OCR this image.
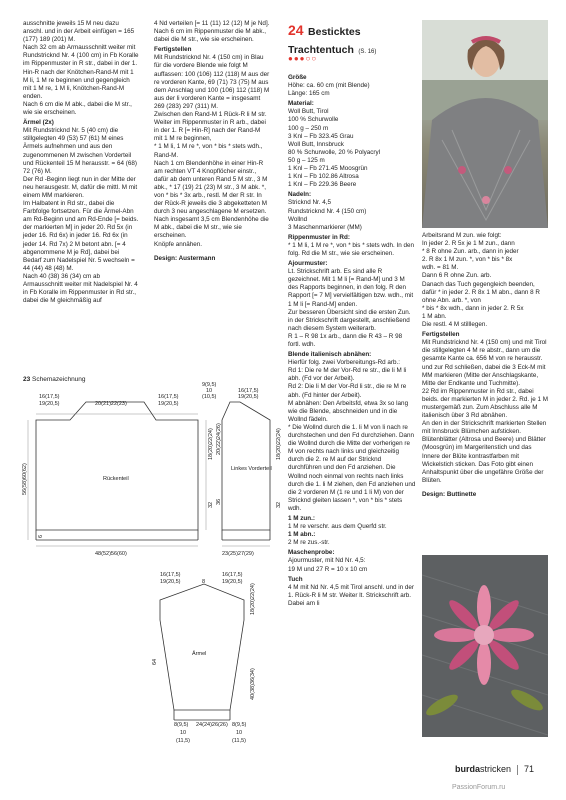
ausschnitte jeweils 15 M neu dazu anschl. und in der Arbeit einfügen = 165 (177) 189 (201) M.
Nach 32 cm ab Armausschnitt weiter mit Rundstricknd Nr. 4 (100 cm) in Fb Koralle im Rippenmuster in R str., dabei in der 1. Hin-R nach der Knötchen-Rand-M mit 1 M li, 1 M re beginnen und gegengleich mit 1 M re, 1 M li, Knötchen-Rand-M enden.
Nach 6 cm die M abk., dabei die M str., wie sie erscheinen.

Ärmel (2x)
Mit Rundstricknd Nr. 5 (40 cm) die stillgelegten 49 (53) 57 (61) M eines Ärmels aufnehmen und aus den zugenommenen M zwischen Vorderteil und Rückenteil 15 M herausstr. = 64 (68) 72 (76) M.
Der Rd -Beginn liegt nun in der Mitte der neu herausgestr. M, dafür die mittl. M mit einem MM markieren.
Im Halbatent in Rd str., dabei die Farbfolge fortsetzen. Für die Ärmel-Abn am Rd-Beginn und am Rd-Ende [= beids. der markierten M] in jeder 20. Rd 5x (in jeder 16. Rd 6x) in jeder 16. Rd 6x (in jeder 14. Rd 7x) 2 M betont abn. [= 4 abgenommene M je Rd], dabei bei Bedarf zum Nadelspiel Nr. 5 wechseln = 44 (44) 48 (48) M.
Nach 40 (38) 36 (34) cm ab Armausschnitt weiter mit Nadelspiel Nr. 4 in Fb Koralle im Rippenmuster in Rd str., dabei die M gleichmäßig auf

4 Nd verteilen [= 11 (11) 12 (12) M je Nd].
Nach 6 cm im Rippenmuster die M abk., dabei die M str., wie sie erscheinen.

Fertigstellen
Mit Rundstricknd Nr. 4 (150 cm) in Blau für die vordere Blende wie folgt M auffassen: 100 (106) 112 (118) M aus der re vorderen Kante, 69 (71) 73 (75) M aus dem Anschlag und 100 (106) 112 (118) M aus der li vorderen Kante = insgesamt 269 (283) 297 (311) M.
Zwischen den Rand-M 1 Rück-R li M str. Weiter im Rippenmuster in R arb., dabei in der 1. R [= Hin-R] nach der Rand-M mit 1 M re beginnen,
* 1 M li, 1 M re *, von * bis * stets wdh., Rand-M.
Nach 1 cm Blendenhöhe in einer Hin-R am rechten VT 4 Knopflöcher einstr., dafür ab dem unteren Rand 5 M str., 3 M abk., * 17 (19) 21 (23) M str., 3 M abk. *, von * bis * 3x arb., restl. M der R str. In der Rück-R jeweils die 3 abgeketteten M durch 3 neu angeschlagene M ersetzen.
Nach insgesamt 3,5 cm Blendenhöhe die M abk., dabei die M str., wie sie erscheinen.
Knöpfe annähen.

Design: Austermann

24 Besticktes Trachtentuch (S. 16)
●●●○○

Größe
Höhe: ca. 60 cm (mit Blende)
Länge: 165 cm

Material:
Woll Butt, Tirol
100 % Schurwolle
100 g – 250 m
3 Knl – Fb 323.45 Grau
Woll Butt, Innsbruck
80 % Schurwolle, 20 % Polyacryl
50 g – 125 m
1 Knl – Fb 271.45 Moosgrün
1 Knl – Fb 102.86 Altrosa
1 Knl – Fb 229.36 Beere

Nadeln:
Stricknd Nr. 4,5
Rundstricknd Nr. 4 (150 cm)
Wollnd
3 Maschenmarkierer (MM)

Rippenmuster in Rd:
* 1 M li, 1 M re *, von * bis * stets wdh. In den folg. Rd die M str., wie sie erscheinen.

Ajourmuster:
Lt. Strickschrift arb. Es sind alle R gezeichnet. Mit 1 M li [= Rand-M] und 3 M des Rapports beginnen, in den folg. R den Rapport [= 7 M] vervielfältigen bzw. wdh., mit 1 M li [= Rand-M] enden.
Zur besseren Übersicht sind die ersten Zun. in der Strickschrift dargestellt, anschließend nach diesem System weiterarb.
R 1 – R 98 1x arb., dann die R 43 – R 98 fortl. wdh.

Blende italienisch abnähen:
Hierfür folg. zwei Vorbereitungs-Rd arb.:

Rd 1: Die re M der Vor-Rd re str., die li M li abh. (Fd vor der Arbeit).
Rd 2: Die li M der Vor-Rd li str., die re M re abh. (Fd hinter der Arbeit).
M abnähen: Den Arbeitsfd, etwa 3x so lang wie die Blende, abschneiden und in die Wollnd fädeln.
* Die Wollnd durch die 1. li M von li nach re durchstechen und den Fd durchziehen. Dann die Wollnd durch die Mitte der vorherigen re M von rechts nach links und gleichzeitig durch die 2. re M auf der Stricknd durchführen und den Fd anziehen. Die Wollnd noch einmal von rechts nach links durch die 1. li M ziehen, den Fd anziehen und die 2 vorderen M (1 re und 1 li M) von der Stricknd gleiten lassen *, von * bis * stets wdh.

1 M zun.:
1 M re verschr. aus dem Querfd str.

1 M abn.:
2 M re zus.-str.

Maschenprobe:
Ajourmuster, mit Nd Nr. 4,5:
19 M und 27 R = 10 x 10 cm

Tuch
4 M mit Nd Nr. 4,5 mit Tirol anschl. und in der 1. Rück-R li M str. Weiter lt. Strickschrift arb. Dabei am li

Arbeitsrand M zun. wie folgt:
In jeder 2. R 5x je 1 M zun., dann
* 8 R ohne Zun. arb., dann in jeder
2. R 8x 1 M zun. *, von * bis * 8x
wdh. = 81 M.
Dann 6 R ohne Zun. arb.
Danach das Tuch gegengleich beenden, dafür * in jeder 2. R 8x 1 M abn., dann 8 R ohne Abn. arb. *, von
* bis * 8x wdh., dann in jeder 2. R 5x
1 M abn.
Die restl. 4 M stilllegen.

Fertigstellen
Mit Rundstricknd Nr. 4 (150 cm) und mit Tirol die stillgelegten 4 M re abstr., dann um die gesamte Kante ca. 656 M von re herausstr. und zur Rd schließen, dabei die 3 Eck-M mit MM markieren (Mitte der Anschlagskante, Mitte der Endkante und Tuchmitte).
22 Rd im Rippenmuster in Rd str., dabei beids. der markierten M in jeder 2. Rd. je 1 M mustergemäß zun. Zum Abschluss alle M italienisch über 3 Rd abnähen.
An den in der Strickschrift markierten Stellen mit Innsbruck Blümchen aufsticken. Blütenblätter (Altrosa und Beere) und Blätter (Moosgrün) im Margeritenstich und das Innere der Blüte kontrastfarben mit Wickelstich sticken. Das Foto gibt einen Anhaltspunkt über die ungefähre Größe der Blüten.

Design: Buttinette

23 Schemazeichnung
16(17,5)
19(20,5)	20(21)22(23)
16(17,5)
19(20,5)
Rückenteil
48(52)56(60)
56(58)60(62)
18(20)22(24)
32
6
9(9,5)
10	16(17,5)
(10,5)	19(20,5)
Linkes Vorderteil
23(25)27(29)
20(22)24(26)
36
18(20)22(24)
32
16(17,5)
19(20,5)	8
16(17,5)
19(20,5)
Ärmel
18(20)22(24)
64
40(38)36(34)
8(9,5) 24(24)26(26) 8(9,5)
10
(11,5)
10
(11,5)
burdastricken 71
PassionForum.ru
